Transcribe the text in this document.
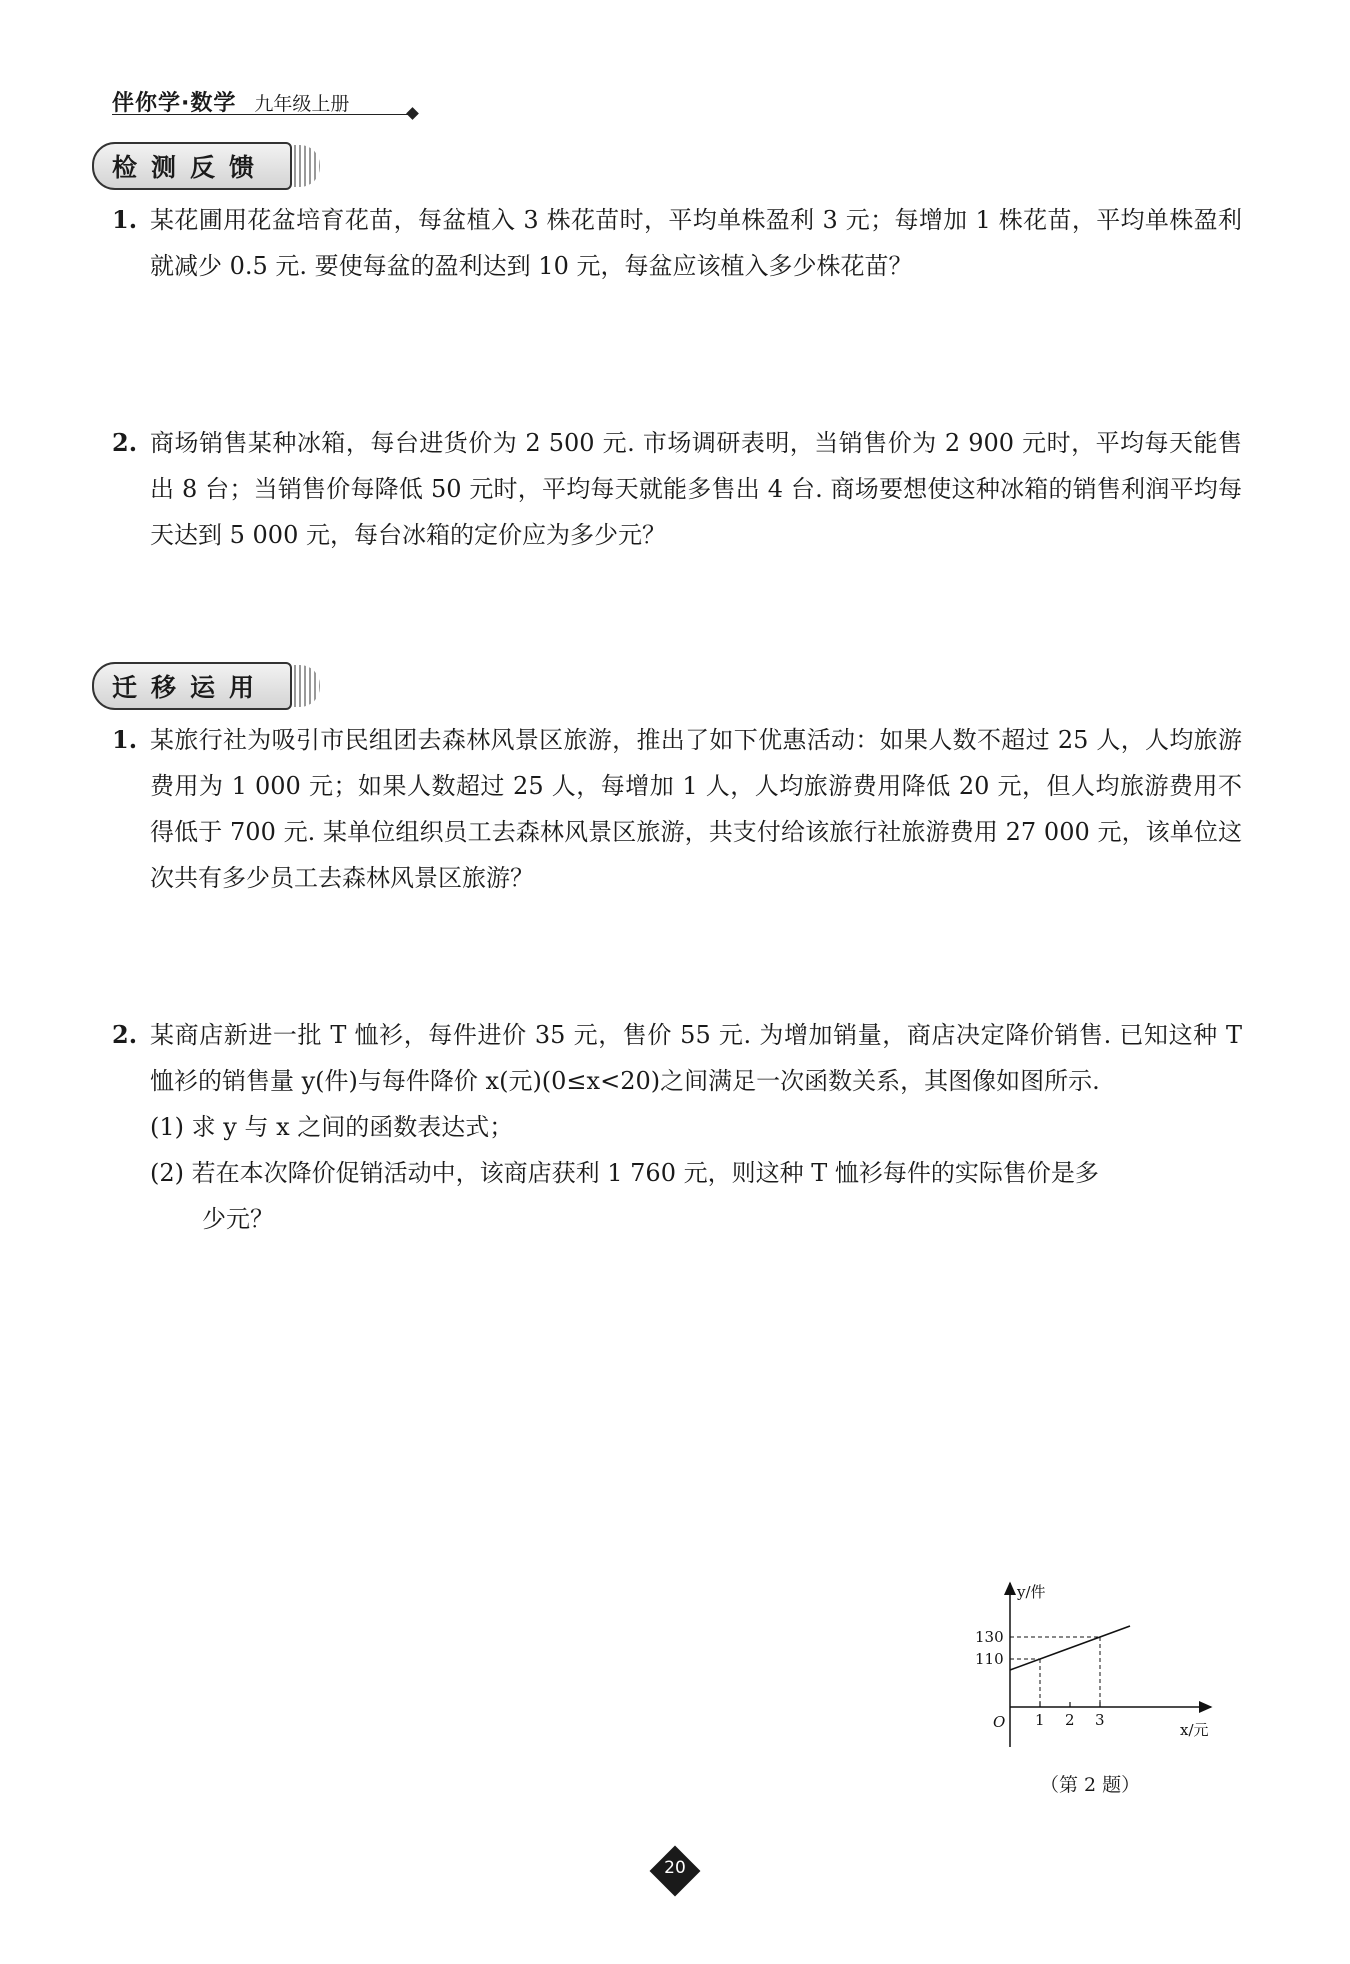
伴你学·数学 九年级上册
检测反馈
1. 某花圃用花盆培育花苗，每盆植入 3 株花苗时，平均单株盈利 3 元；每增加 1 株花苗，平均单株盈利就减少 0.5 元. 要使每盆的盈利达到 10 元，每盆应该植入多少株花苗？
2. 商场销售某种冰箱，每台进货价为 2 500 元. 市场调研表明，当销售价为 2 900 元时，平均每天能售出 8 台；当销售价每降低 50 元时，平均每天就能多售出 4 台. 商场要想使这种冰箱的销售利润平均每天达到 5 000 元，每台冰箱的定价应为多少元？
迁移运用
1. 某旅行社为吸引市民组团去森林风景区旅游，推出了如下优惠活动：如果人数不超过 25 人，人均旅游费用为 1 000 元；如果人数超过 25 人，每增加 1 人，人均旅游费用降低 20 元，但人均旅游费用不得低于 700 元. 某单位组织员工去森林风景区旅游，共支付给该旅行社旅游费用 27 000 元，该单位这次共有多少员工去森林风景区旅游？
2. 某商店新进一批 T 恤衫，每件进价 35 元，售价 55 元. 为增加销量，商店决定降价销售. 已知这种 T 恤衫的销售量 y(件)与每件降价 x(元)(0≤x<20)之间满足一次函数关系，其图像如图所示.
(1) 求 y 与 x 之间的函数表达式；
(2) 若在本次降价促销活动中，该商店获利 1 760 元，则这种 T 恤衫每件的实际售价是多
少元？
1 2 3
110
130
y/件
x/元
O
（第 2 题）
20
